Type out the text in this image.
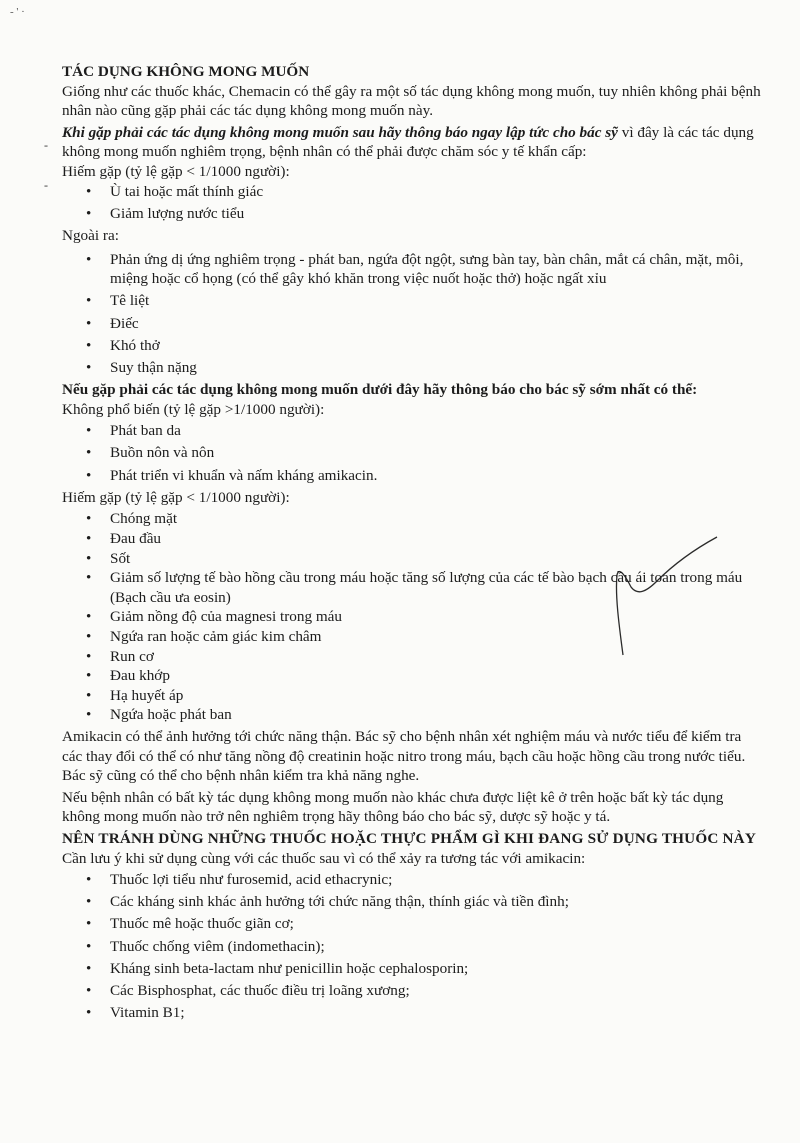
- ' ·
-
-
TÁC DỤNG KHÔNG MONG MUỐN

Giống như các thuốc khác, Chemacin có thể gây ra một số tác dụng không mong muốn, tuy nhiên không phải bệnh nhân nào cũng gặp phải các tác dụng không mong muốn này.

Khi gặp phải các tác dụng không mong muốn sau hãy thông báo ngay lập tức cho bác sỹ vì đây là các tác dụng không mong muốn nghiêm trọng, bệnh nhân có thể phải được chăm sóc y tế khẩn cấp:

Hiếm gặp (tỷ lệ gặp < 1/1000 người):

• Ù tai hoặc mất thính giác
• Giảm lượng nước tiểu

Ngoài ra:

• Phản ứng dị ứng nghiêm trọng - phát ban, ngứa đột ngột, sưng bàn tay, bàn chân, mắt cá chân, mặt, môi, miệng hoặc cổ họng (có thể gây khó khăn trong việc nuốt hoặc thở) hoặc ngất xỉu
• Tê liệt
• Điếc
• Khó thở
• Suy thận nặng

Nếu gặp phải các tác dụng không mong muốn dưới đây hãy thông báo cho bác sỹ sớm nhất có thể:

Không phổ biến (tỷ lệ gặp >1/1000 người):

• Phát ban da
• Buồn nôn và nôn
• Phát triển vi khuẩn và nấm kháng amikacin.

Hiếm gặp (tỷ lệ gặp < 1/1000 người):

• Chóng mặt
• Đau đầu
• Sốt
• Giảm số lượng tế bào hồng cầu trong máu hoặc tăng số lượng của các tế bào bạch cầu ái toan trong máu (Bạch cầu ưa eosin)
• Giảm nồng độ của magnesi trong máu
• Ngứa ran hoặc cảm giác kim châm
• Run cơ
• Đau khớp
• Hạ huyết áp
• Ngứa hoặc phát ban

Amikacin có thể ảnh hưởng tới chức năng thận. Bác sỹ cho bệnh nhân xét nghiệm máu và nước tiểu để kiểm tra các thay đổi có thể có như tăng nồng độ creatinin hoặc nitro trong máu, bạch cầu hoặc hồng cầu trong nước tiểu. Bác sỹ cũng có thể cho bệnh nhân kiểm tra khả năng nghe.

Nếu bệnh nhân có bất kỳ tác dụng không mong muốn nào khác chưa được liệt kê ở trên hoặc bất kỳ tác dụng không mong muốn nào trở nên nghiêm trọng hãy thông báo cho bác sỹ, dược sỹ hoặc y tá.

NÊN TRÁNH DÙNG NHỮNG THUỐC HOẶC THỰC PHẨM GÌ KHI ĐANG SỬ DỤNG THUỐC NÀY

Cần lưu ý khi sử dụng cùng với các thuốc sau vì có thể xảy ra tương tác với amikacin:

• Thuốc lợi tiểu như furosemid, acid ethacrynic;
• Các kháng sinh khác ảnh hưởng tới chức năng thận, thính giác và tiền đình;
• Thuốc mê hoặc thuốc giãn cơ;
• Thuốc chống viêm (indomethacin);
• Kháng sinh beta-lactam như penicillin hoặc cephalosporin;
• Các Bisphosphat, các thuốc điều trị loãng xương;
• Vitamin B1;
